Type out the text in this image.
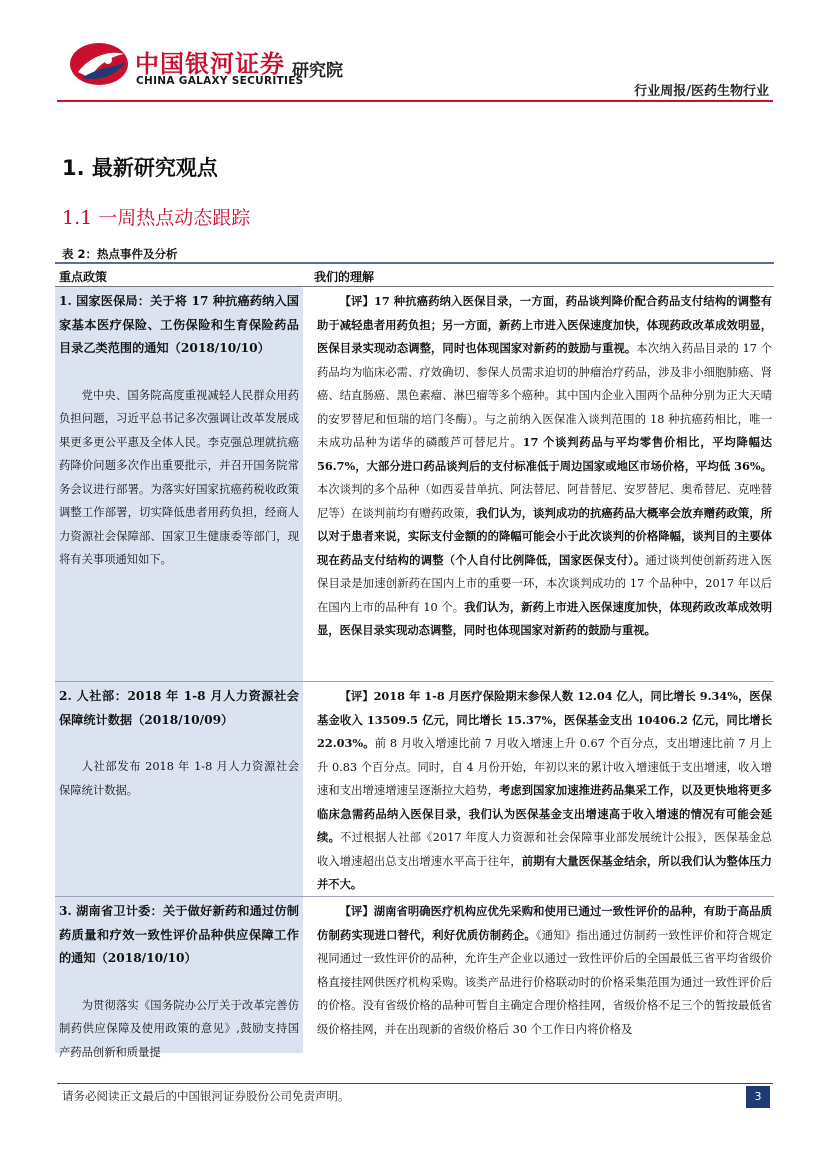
中国银河证券
CHINA GALAXY SECURITIES
研究院
行业周报/医药生物行业
1. 最新研究观点
1.1 一周热点动态跟踪
表 2：热点事件及分析
重点政策	我们的理解
1. 国家医保局：关于将 17 种抗癌药纳入国家基本医疗保险、工伤保险和生育保险药品目录乙类范围的通知（2018/10/10）
党中央、国务院高度重视减轻人民群众用药负担问题，习近平总书记多次强调让改革发展成果更多更公平惠及全体人民。李克强总理就抗癌药降价问题多次作出重要批示，并召开国务院常务会议进行部署。为落实好国家抗癌药税收政策调整工作部署，切实降低患者用药负担，经商人力资源社会保障部、国家卫生健康委等部门，现将有关事项通知如下。
【评】17 种抗癌药纳入医保目录，一方面，药品谈判降价配合药品支付结构的调整有助于减轻患者用药负担；另一方面，新药上市进入医保速度加快，体现药政改革成效明显，医保目录实现动态调整，同时也体现国家对新药的鼓励与重视。本次纳入药品目录的 17 个药品均为临床必需、疗效确切、参保人员需求迫切的肿瘤治疗药品，涉及非小细胞肺癌、肾癌、结直肠癌、黑色素瘤、淋巴瘤等多个癌种。其中国内企业入围两个品种分别为正大天晴的安罗替尼和恒瑞的培门冬酶）。与之前纳入医保准入谈判范围的 18 种抗癌药相比，唯一未成功品种为诺华的磷酸芦可替尼片。17 个谈判药品与平均零售价相比，平均降幅达 56.7%，大部分进口药品谈判后的支付标准低于周边国家或地区市场价格，平均低 36%。本次谈判的多个品种（如西妥昔单抗、阿法替尼、阿昔替尼、安罗替尼、奥希替尼、克唑替尼等）在谈判前均有赠药政策，我们认为，谈判成功的抗癌药品大概率会放弃赠药政策，所以对于患者来说，实际支付金额的的降幅可能会小于此次谈判的价格降幅，谈判目的主要体现在药品支付结构的调整（个人自付比例降低，国家医保支付）。通过谈判使创新药进入医保目录是加速创新药在国内上市的重要一环，本次谈判成功的 17 个品种中，2017 年以后在国内上市的品种有 10 个。我们认为，新药上市进入医保速度加快，体现药政改革成效明显，医保目录实现动态调整，同时也体现国家对新药的鼓励与重视。
2. 人社部：2018 年 1-8 月人力资源社会保障统计数据（2018/10/09）
人社部发布 2018 年 1-8 月人力资源社会保障统计数据。
【评】2018 年 1-8 月医疗保险期末参保人数 12.04 亿人，同比增长 9.34%，医保基金收入 13509.5 亿元，同比增长 15.37%，医保基金支出 10406.2 亿元，同比增长 22.03%。前 8 月收入增速比前 7 月收入增速上升 0.67 个百分点，支出增速比前 7 月上升 0.83 个百分点。同时，自 4 月份开始，年初以来的累计收入增速低于支出增速，收入增速和支出增速增速呈逐渐拉大趋势，考虑到国家加速推进药品集采工作，以及更快地将更多临床急需药品纳入医保目录，我们认为医保基金支出增速高于收入增速的情况有可能会延续。不过根据人社部《2017 年度人力资源和社会保障事业部发展统计公报》，医保基金总收入增速超出总支出增速水平高于往年，前期有大量医保基金结余，所以我们认为整体压力并不大。
3. 湖南省卫计委：关于做好新药和通过仿制药质量和疗效一致性评价品种供应保障工作的通知（2018/10/10）
为贯彻落实《国务院办公厅关于改革完善仿制药供应保障及使用政策的意见》,鼓励支持国产药品创新和质量提
【评】湖南省明确医疗机构应优先采购和使用已通过一致性评价的品种，有助于高品质仿制药实现进口替代，利好优质仿制药企。《通知》指出通过仿制药一致性评价和符合规定视同通过一致性评价的品种，允许生产企业以通过一致性评价后的全国最低三省平均省级价格直接挂网供医疗机构采购。该类产品进行价格联动时的价格采集范围为通过一致性评价后的价格。没有省级价格的品种可暂自主确定合理价格挂网，省级价格不足三个的暂按最低省级价格挂网，并在出现新的省级价格后 30 个工作日内将价格及
请务必阅读正文最后的中国银河证券股份公司免责声明。	3
